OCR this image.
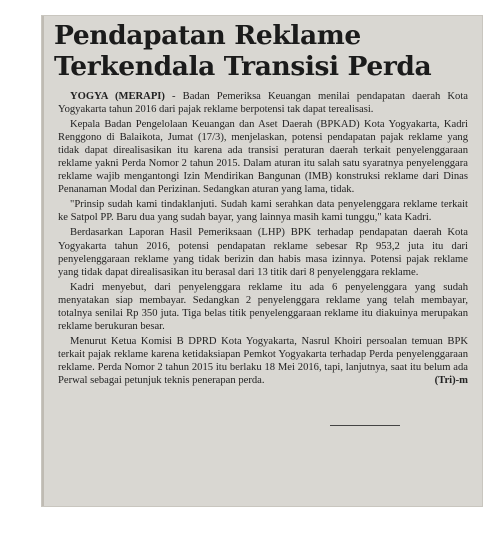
Pendapatan Reklame
Terkendala Transisi Perda

YOGYA (MERAPI) - Badan Pemeriksa Keuangan menilai pendapatan daerah Kota Yogyakarta tahun 2016 dari pajak reklame berpotensi tak dapat terealisasi.

Kepala Badan Pengelolaan Keuangan dan Aset Daerah (BPKAD) Kota Yogyakarta, Kadri Renggono di Balaikota, Jumat (17/3), menjelaskan, potensi pendapatan pajak reklame yang tidak dapat direalisasikan itu karena ada transisi peraturan daerah terkait penyelenggaraan reklame yakni Perda Nomor 2 tahun 2015. Dalam aturan itu salah satu syaratnya penyelenggara reklame wajib mengantongi Izin Mendirikan Bangunan (IMB) konstruksi reklame dari Dinas Penanaman Modal dan Perizinan. Sedangkan aturan yang lama, tidak.

"Prinsip sudah kami tindaklanjuti. Sudah kami serahkan data penyelenggara reklame terkait ke Satpol PP. Baru dua yang sudah bayar, yang lainnya masih kami tunggu," kata Kadri.

Berdasarkan Laporan Hasil Pemeriksaan (LHP) BPK terhadap pendapatan daerah Kota Yogyakarta tahun 2016, potensi pendapatan reklame sebesar Rp 953,2 juta itu dari penyelenggaraan reklame yang tidak berizin dan habis masa izinnya. Potensi pajak reklame yang tidak dapat direalisasikan itu berasal dari 13 titik dari 8 penyelenggara reklame.

Kadri menyebut, dari penyelenggara reklame itu ada 6 penyelenggara yang sudah menyatakan siap membayar. Sedangkan 2 penyelenggara reklame yang telah membayar, totalnya senilai Rp 350 juta. Tiga belas titik penyelenggaraan reklame itu diakuinya merupakan reklame berukuran besar.

Menurut Ketua Komisi B DPRD Kota Yogyakarta, Nasrul Khoiri persoalan temuan BPK terkait pajak reklame karena ketidaksiapan Pemkot Yogyakarta terhadap Perda penyelenggaraan reklame. Perda Nomor 2 tahun 2015 itu berlaku 18 Mei 2016, tapi, lanjutnya, saat itu belum ada Perwal sebagai petunjuk teknis penerapan perda.	(Tri)-m
